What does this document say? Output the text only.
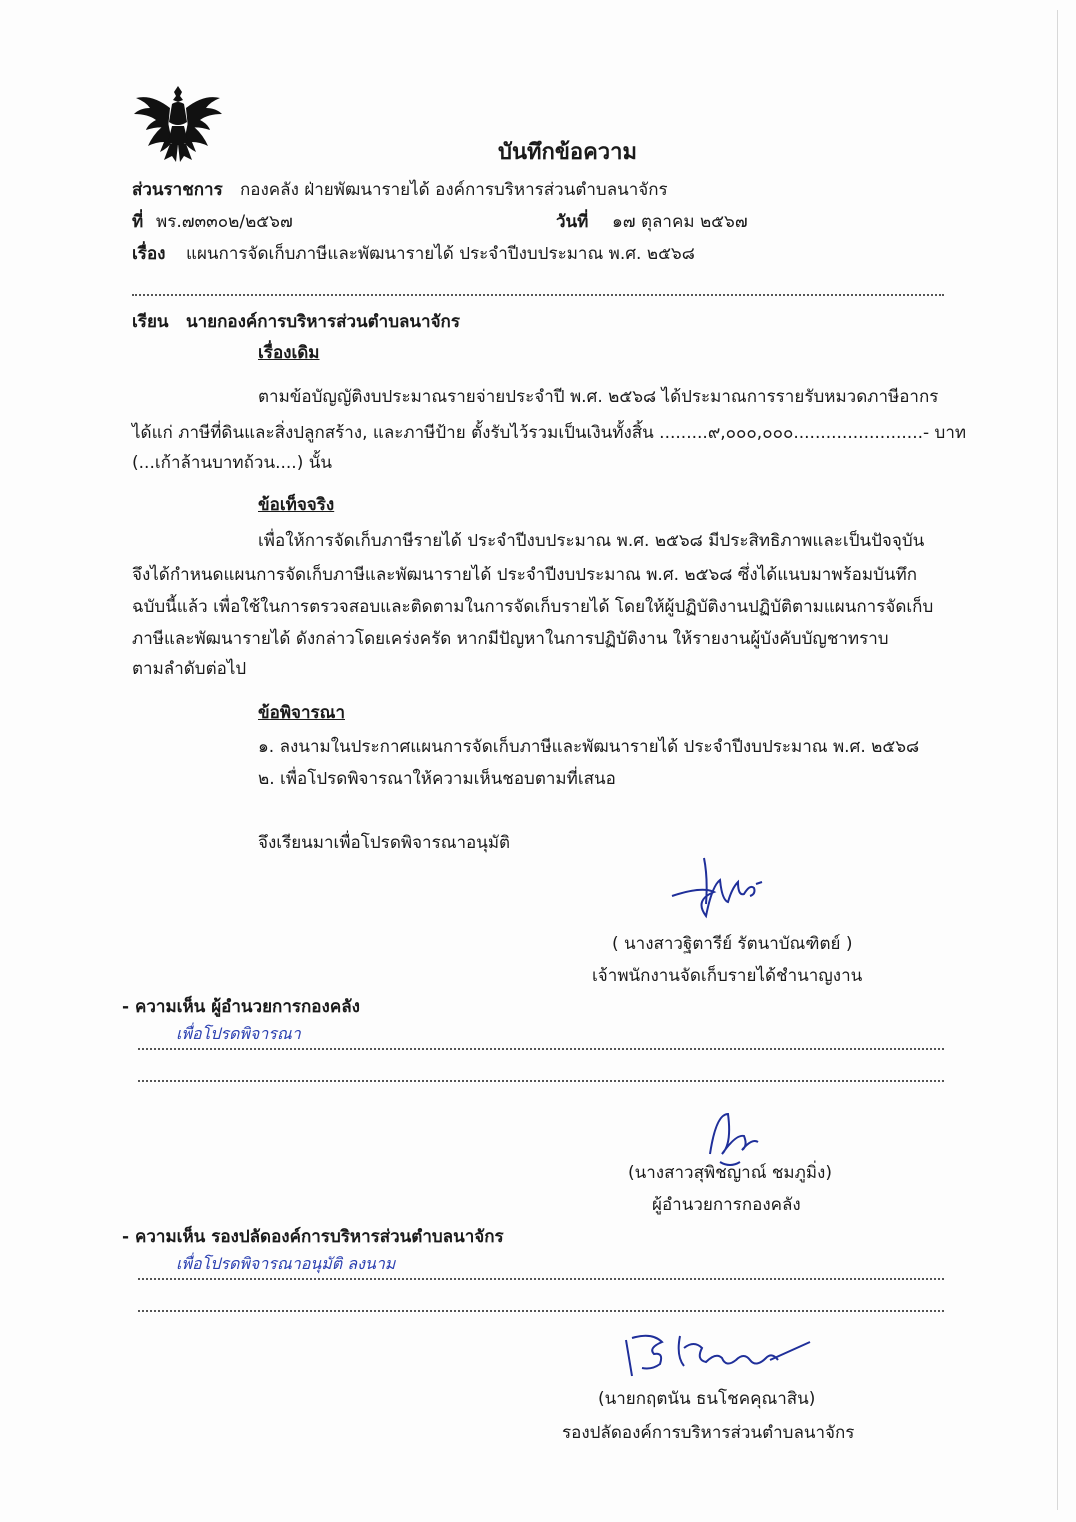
บันทึกข้อความ
ส่วนราชการ กองคลัง ฝ่ายพัฒนารายได้ องค์การบริหารส่วนตำบลนาจักร
ที่ พร.๗๓๓๐๒/๒๕๖๗	วันที่ ๑๗ ตุลาคม ๒๕๖๗
เรื่อง แผนการจัดเก็บภาษีและพัฒนารายได้ ประจำปีงบประมาณ พ.ศ. ๒๕๖๘
เรียน นายกองค์การบริหารส่วนตำบลนาจักร
เรื่องเดิม
ตามข้อบัญญัติงบประมาณรายจ่ายประจำปี พ.ศ. ๒๕๖๘ ได้ประมาณการรายรับหมวดภาษีอากร
ได้แก่ ภาษีที่ดินและสิ่งปลูกสร้าง, และภาษีป้าย ตั้งรับไว้รวมเป็นเงินทั้งสิ้น .........๙,๐๐๐,๐๐๐........................- บาท
(...เก้าล้านบาทถ้วน....) นั้น
ข้อเท็จจริง
เพื่อให้การจัดเก็บภาษีรายได้ ประจำปีงบประมาณ พ.ศ. ๒๕๖๘ มีประสิทธิภาพและเป็นปัจจุบัน
จึงได้กำหนดแผนการจัดเก็บภาษีและพัฒนารายได้ ประจำปีงบประมาณ พ.ศ. ๒๕๖๘ ซึ่งได้แนบมาพร้อมบันทึก
ฉบับนี้แล้ว เพื่อใช้ในการตรวจสอบและติดตามในการจัดเก็บรายได้ โดยให้ผู้ปฏิบัติงานปฏิบัติตามแผนการจัดเก็บ
ภาษีและพัฒนารายได้ ดังกล่าวโดยเคร่งครัด หากมีปัญหาในการปฏิบัติงาน ให้รายงานผู้บังคับบัญชาทราบ
ตามลำดับต่อไป
ข้อพิจารณา
๑. ลงนามในประกาศแผนการจัดเก็บภาษีและพัฒนารายได้ ประจำปีงบประมาณ พ.ศ. ๒๕๖๘
๒. เพื่อโปรดพิจารณาให้ความเห็นชอบตามที่เสนอ
จึงเรียนมาเพื่อโปรดพิจารณาอนุมัติ
( นางสาวฐิตารีย์ รัตนาบัณฑิตย์ )
เจ้าพนักงานจัดเก็บรายได้ชำนาญงาน
- ความเห็น ผู้อำนวยการกองคลัง
เพื่อโปรดพิจารณา
(นางสาวสุพิชญาณ์ ชมภูมิ่ง)
ผู้อำนวยการกองคลัง
- ความเห็น รองปลัดองค์การบริหารส่วนตำบลนาจักร
เพื่อโปรดพิจารณาอนุมัติ ลงนาม
(นายกฤตนัน ธนโชคคุณาสิน)
รองปลัดองค์การบริหารส่วนตำบลนาจักร
